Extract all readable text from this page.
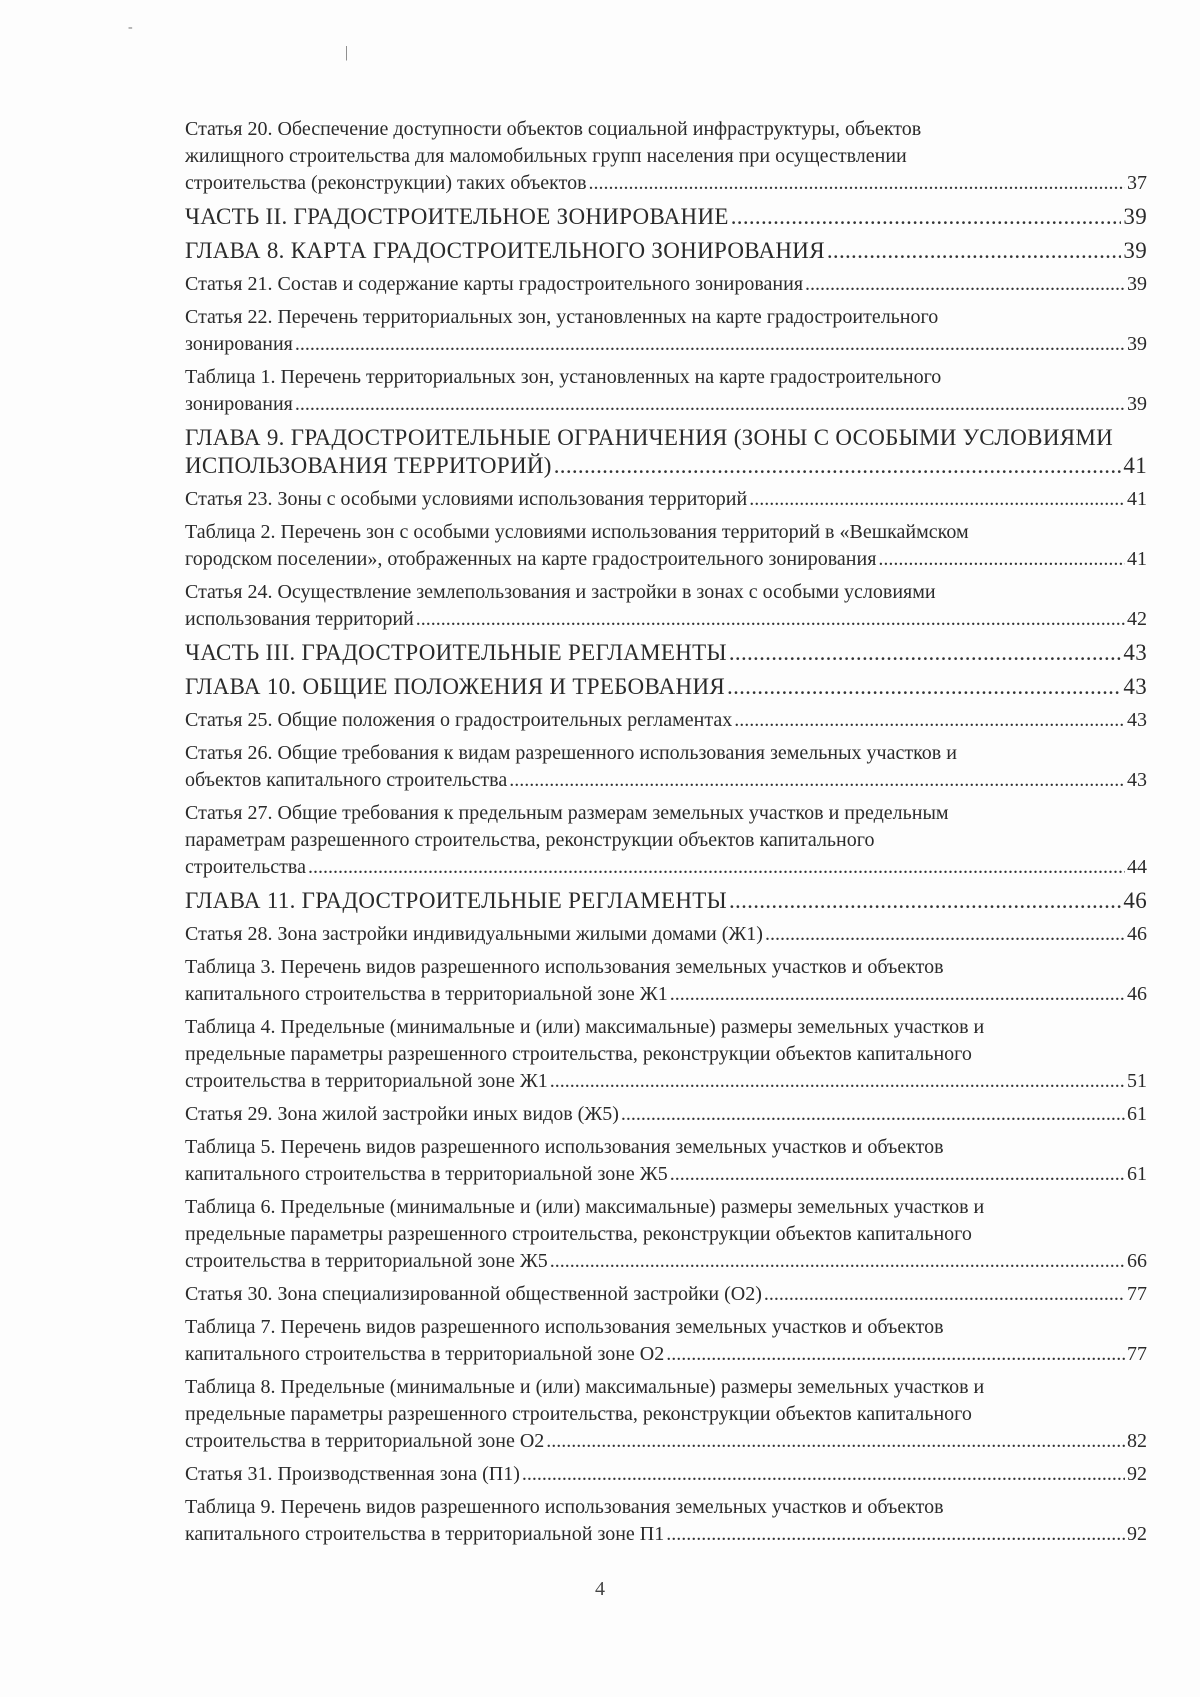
-
|
Статья 20. Обеспечение доступности объектов социальной инфраструктуры, объектов
жилищного строительства для маломобильных групп населения при осуществлении
строительства (реконструкции) таких объектов .....	37
ЧАСТЬ II. ГРАДОСТРОИТЕЛЬНОЕ ЗОНИРОВАНИЕ .....	39
ГЛАВА 8. КАРТА ГРАДОСТРОИТЕЛЬНОГО ЗОНИРОВАНИЯ .....	39
Статья 21. Состав и содержание карты градостроительного зонирования .....	39
Статья 22. Перечень территориальных зон, установленных на карте градостроительного
зонирования .....	39
Таблица 1. Перечень территориальных зон, установленных на карте градостроительного
зонирования .....	39
ГЛАВА 9. ГРАДОСТРОИТЕЛЬНЫЕ ОГРАНИЧЕНИЯ (ЗОНЫ С ОСОБЫМИ УСЛОВИЯМИ
ИСПОЛЬЗОВАНИЯ ТЕРРИТОРИЙ) .....	41
Статья 23. Зоны с особыми условиями использования территорий .....	41
Таблица 2. Перечень зон с особыми условиями использования территорий в «Вешкаймском
городском поселении», отображенных на карте градостроительного зонирования .....	41
Статья 24. Осуществление землепользования и застройки в зонах с особыми условиями
использования территорий .....	42
ЧАСТЬ III. ГРАДОСТРОИТЕЛЬНЫЕ РЕГЛАМЕНТЫ .....	43
ГЛАВА 10. ОБЩИЕ ПОЛОЖЕНИЯ И ТРЕБОВАНИЯ .....	43
Статья 25. Общие положения о градостроительных регламентах .....	43
Статья 26. Общие требования к видам разрешенного использования земельных участков и
объектов капитального строительства .....	43
Статья 27. Общие требования к предельным размерам земельных участков и предельным
параметрам разрешенного строительства, реконструкции объектов капитального
строительства .....	44
ГЛАВА 11. ГРАДОСТРОИТЕЛЬНЫЕ РЕГЛАМЕНТЫ .....	46
Статья 28. Зона застройки индивидуальными жилыми домами (Ж1) .....	46
Таблица 3. Перечень видов разрешенного использования земельных участков и объектов
капитального строительства в территориальной зоне Ж1 .....	46
Таблица 4. Предельные (минимальные и (или) максимальные) размеры земельных участков и
предельные параметры разрешенного строительства, реконструкции объектов капитального
строительства в территориальной зоне Ж1 .....	51
Статья 29. Зона жилой застройки иных видов (Ж5) .....	61
Таблица 5. Перечень видов разрешенного использования земельных участков и объектов
капитального строительства в территориальной зоне Ж5 .....	61
Таблица 6. Предельные (минимальные и (или) максимальные) размеры земельных участков и
предельные параметры разрешенного строительства, реконструкции объектов капитального
строительства в территориальной зоне Ж5 .....	66
Статья 30. Зона специализированной общественной застройки (О2) .....	77
Таблица 7. Перечень видов разрешенного использования земельных участков и объектов
капитального строительства в территориальной зоне О2 .....	77
Таблица 8. Предельные (минимальные и (или) максимальные) размеры земельных участков и
предельные параметры разрешенного строительства, реконструкции объектов капитального
строительства в территориальной зоне О2 .....	82
Статья 31. Производственная зона (П1) .....	92
Таблица 9. Перечень видов разрешенного использования земельных участков и объектов
капитального строительства в территориальной зоне П1 .....	92
4
